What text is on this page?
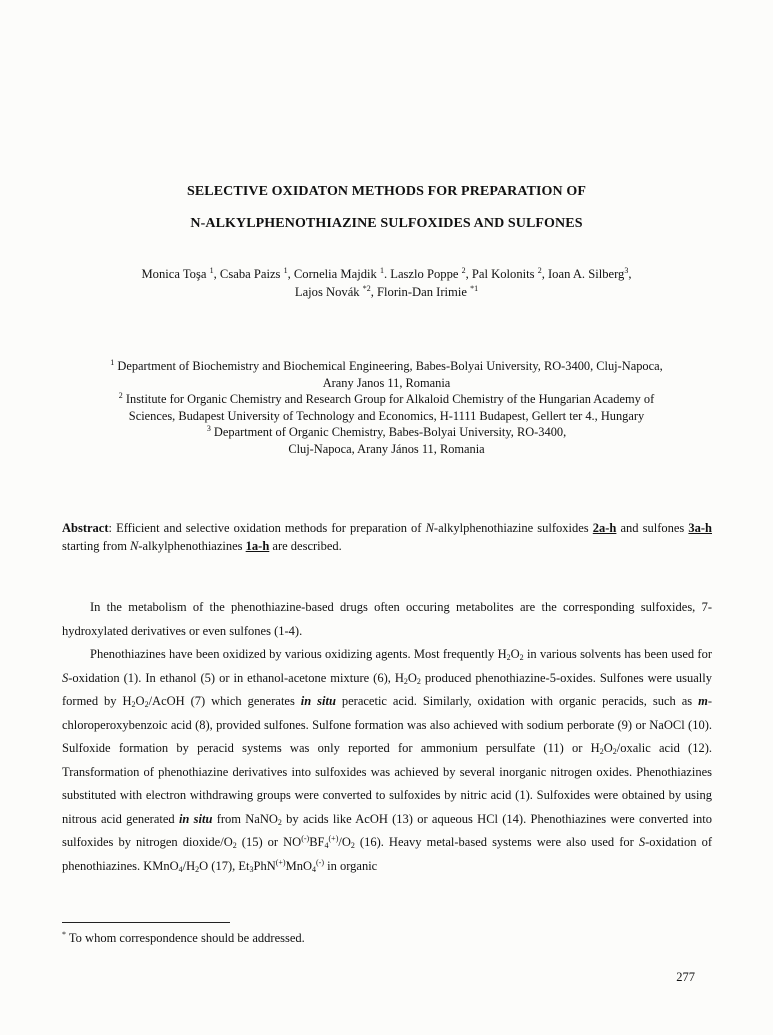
SELECTIVE OXIDATON METHODS FOR PREPARATION OF
N-ALKYLPHENOTHIAZINE SULFOXIDES AND SULFONES
Monica Toşa $^1$, Csaba Paizs $^1$, Cornelia Majdik $^1$. Laszlo Poppe $^2$, Pal Kolonits $^2$, Ioan A. Silberg$^3$,
Lajos Novák $^{*2}$, Florin-Dan Irimie $^{*1}$
$^1$ Department of Biochemistry and Biochemical Engineering, Babes-Bolyai University, RO-3400, Cluj-Napoca,
Arany Janos 11, Romania
$^2$ Institute for Organic Chemistry and Research Group for Alkaloid Chemistry of the Hungarian Academy of
Sciences, Budapest University of Technology and Economics, H-1111 Budapest, Gellert ter 4., Hungary
$^3$ Department of Organic Chemistry, Babes-Bolyai University, RO-3400,
Cluj-Napoca, Arany János 11, Romania
Abstract: Efficient and selective oxidation methods for preparation of N-alkylphenothiazine sulfoxides 2a-h and sulfones 3a-h starting from N-alkylphenothiazines 1a-h are described.

In the metabolism of the phenothiazine-based drugs often occuring metabolites are the corresponding sulfoxides, 7-hydroxylated derivatives or even sulfones (1-4).

Phenothiazines have been oxidized by various oxidizing agents. Most frequently $H_2O_2$ in various solvents has been used for S-oxidation (1). In ethanol (5) or in ethanol-acetone mixture (6), $H_2O_2$ produced phenothiazine-5-oxides. Sulfones were usually formed by $H_2O_2$/AcOH (7) which generates in situ peracetic acid. Similarly, oxidation with organic peracids, such as m-chloroperoxybenzoic acid (8), provided sulfones. Sulfone formation was also achieved with sodium perborate (9) or NaOCl (10). Sulfoxide formation by peracid systems was only reported for ammonium persulfate (11) or $H_2O_2$/oxalic acid (12). Transformation of phenothiazine derivatives into sulfoxides was achieved by several inorganic nitrogen oxides. Phenothiazines substituted with electron withdrawing groups were converted to sulfoxides by nitric acid (1). Sulfoxides were obtained by using nitrous acid generated in situ from NaNO$_2$ by acids like AcOH (13) or aqueous HCl (14). Phenothiazines were converted into sulfoxides by nitrogen dioxide/$O_2$ (15) or $NO^{(-)}BF_4^{(+)}/O_2$ (16). Heavy metal-based systems were also used for S-oxidation of phenothiazines. $KMnO_4/H_2O$ (17), $Et_3PhN^{(+)}MnO_4^{(-)}$ in organic

* To whom correspondence should be addressed.
277
